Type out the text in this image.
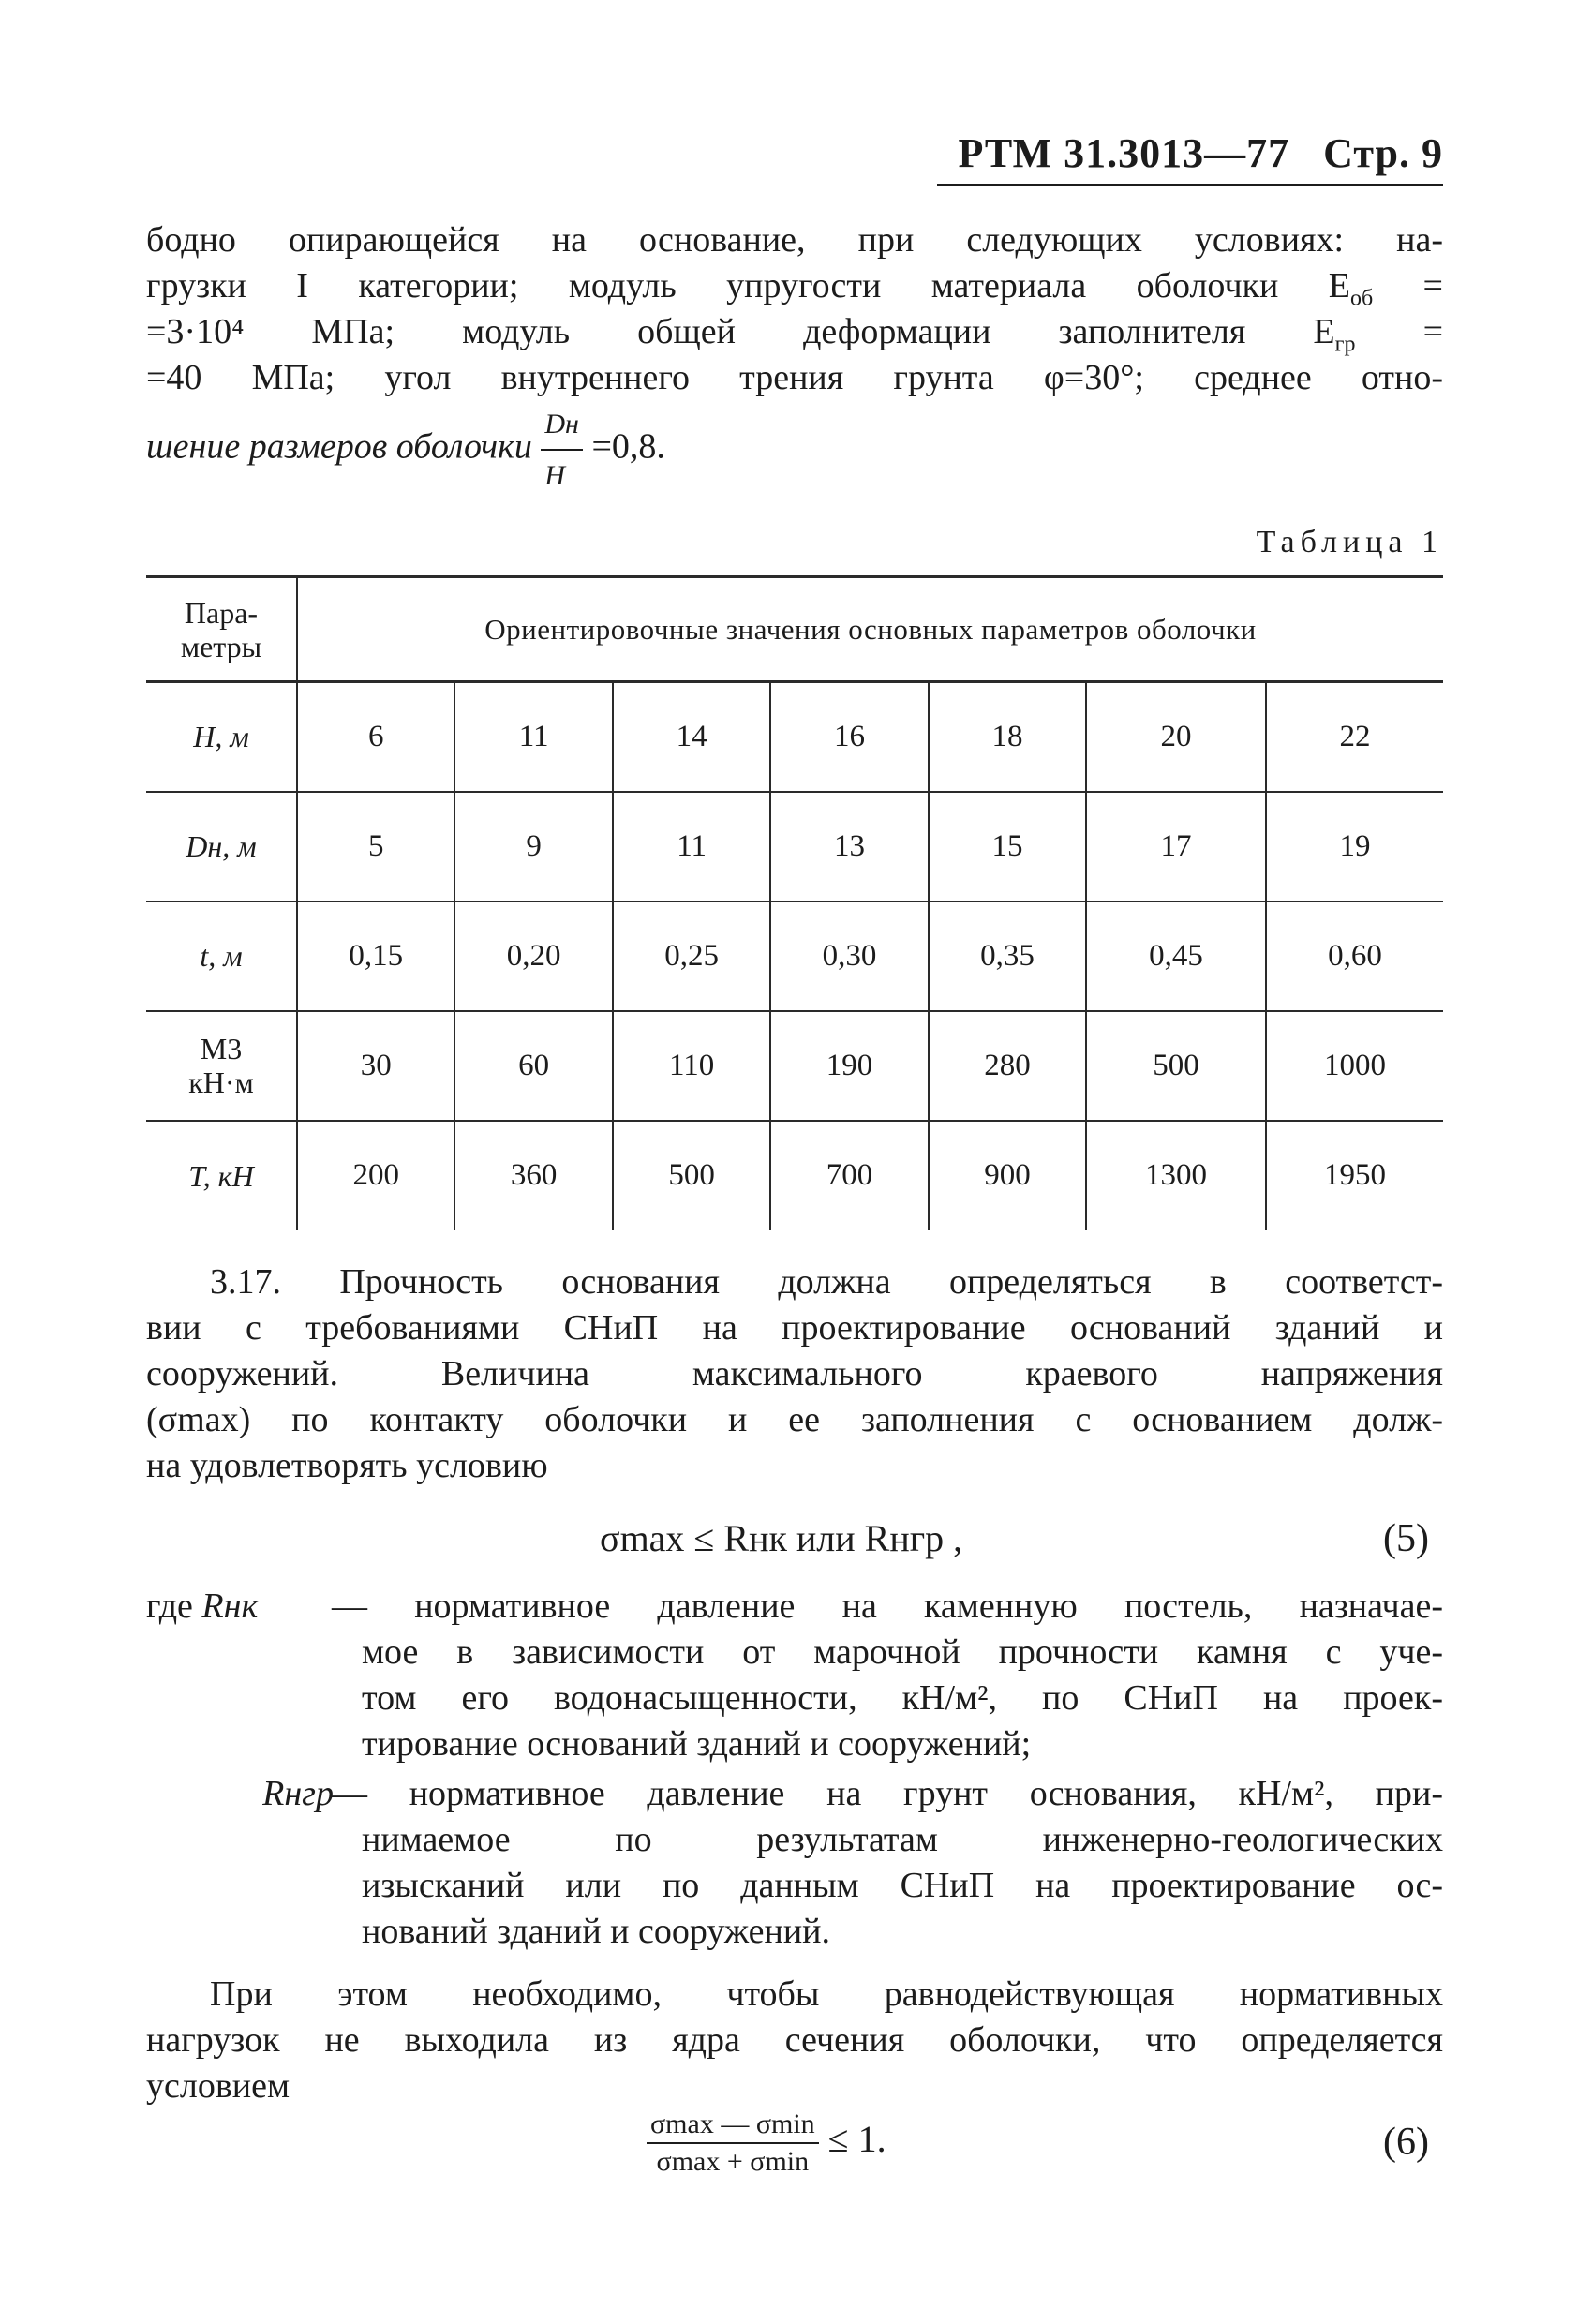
РТМ 31.3013—77 Стр. 9
бодно опирающейся на основание, при следующих условиях: на-
грузки I категории; модуль упругости материала оболочки $E_{об}$ =
=3·10⁴ МПа; модуль общей деформации заполнителя $E_{гр}$ =
=40 МПа; угол внутреннего трения грунта φ=30°; среднее отно-
шение размеров оболочки $\frac{Dн}{H} =0,8$.
Таблица 1
Пара-
метры	Ориентировочные значения основных параметров оболочки						
H, м	6	11	14	16	18	20	22
Dн, м	5	9	11	13	15	17	19
t, м	0,15	0,20	0,25	0,30	0,35	0,45	0,60
М3
кН·м	30	60	110	190	280	500	1000
T, кН	200	360	500	700	900	1300	1950
3.17. Прочность основания должна определяться в соответст-
вии с требованиями СНиП на проектирование оснований зданий и
сооружений. Величина максимального краевого напряжения
(σmax) по контакту оболочки и ее заполнения с основанием долж-
на удовлетворять условию
σmax ≤ Rнк или Rнгр ,	(5)
где Rнк	— нормативное давление на каменную постель, назначае-
мое в зависимости от марочной прочности камня с уче-
том его водонасыщенности, кН/м², по СНиП на проек-
тирование оснований зданий и сооружений;
Rнгр
— нормативное давление на грунт основания, кН/м², при-
нимаемое по результатам инженерно-геологических
изысканий или по данным СНиП на проектирование ос-
нований зданий и сооружений.
При этом необходимо, чтобы равнодействующая нормативных
нагрузок не выходила из ядра сечения оболочки, что определяется
условием
$\frac{\sigma\max — \sigma\min}{\sigma\max + \sigma\min} \le 1$.	(6)
